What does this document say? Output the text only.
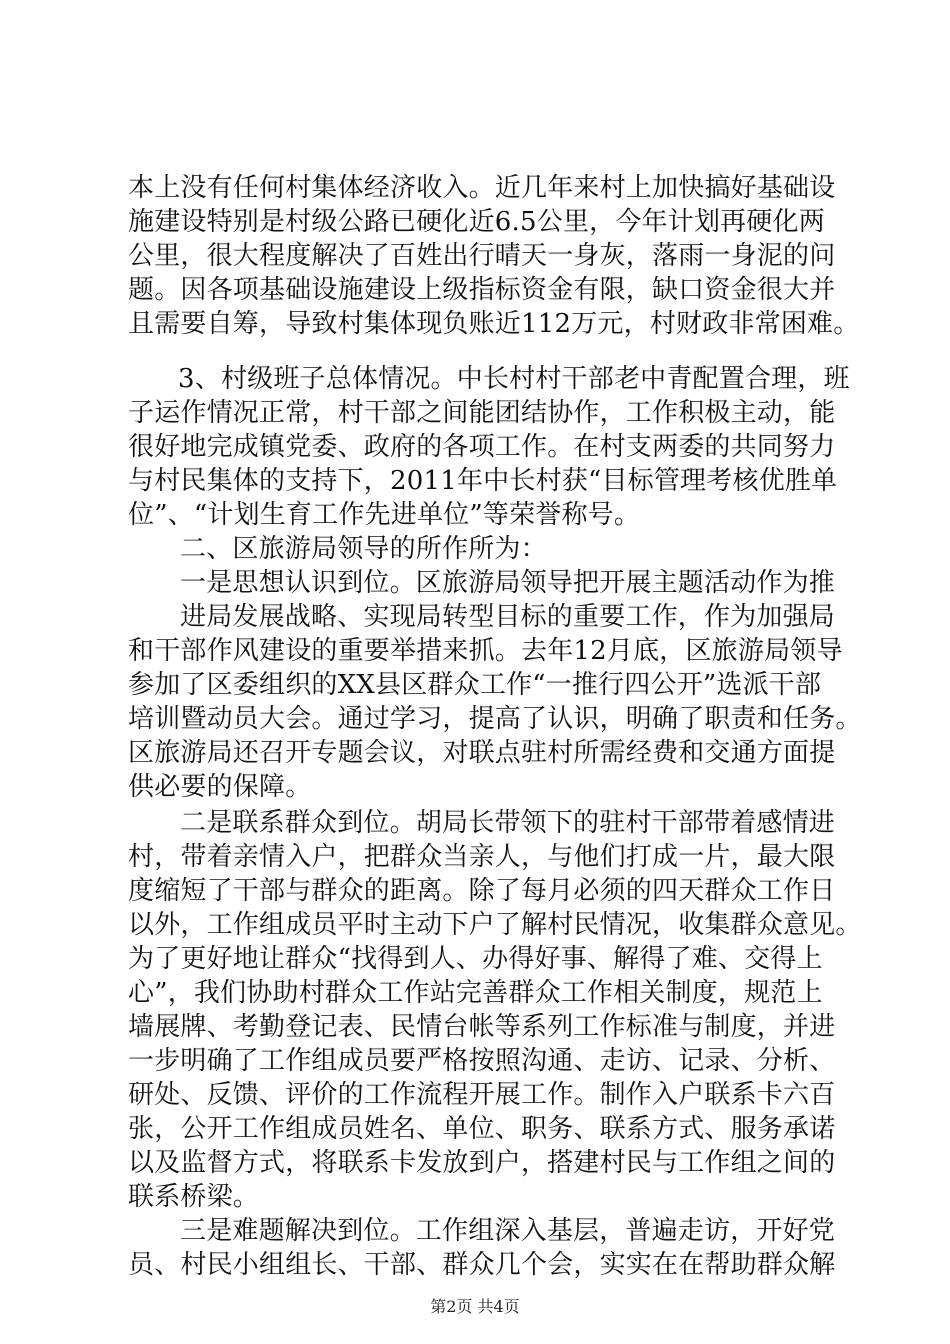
本上没有任何村集体经济收入。近几年来村上加快搞好基础设
施建设特别是村级公路已硬化近6.5公里，今年计划再硬化两
公里，很大程度解决了百姓出行晴天一身灰，落雨一身泥的问
题。因各项基础设施建设上级指标资金有限，缺口资金很大并
且需要自筹，导致村集体现负账近112万元，村财政非常困难。
3、村级班子总体情况。中长村村干部老中青配置合理，班
子运作情况正常，村干部之间能团结协作，工作积极主动，能
很好地完成镇党委、政府的各项工作。在村支两委的共同努力
与村民集体的支持下，2011年中长村获“目标管理考核优胜单
位”、“计划生育工作先进单位”等荣誉称号。
二、区旅游局领导的所作所为：
一是思想认识到位。区旅游局领导把开展主题活动作为推
进局发展战略、实现局转型目标的重要工作，作为加强局
和干部作风建设的重要举措来抓。去年12月底，区旅游局领导
参加了区委组织的XX县区群众工作“一推行四公开”选派干部
培训暨动员大会。通过学习，提高了认识，明确了职责和任务。
区旅游局还召开专题会议，对联点驻村所需经费和交通方面提
供必要的保障。
二是联系群众到位。胡局长带领下的驻村干部带着感情进
村，带着亲情入户，把群众当亲人，与他们打成一片，最大限
度缩短了干部与群众的距离。除了每月必须的四天群众工作日
以外，工作组成员平时主动下户了解村民情况，收集群众意见。
为了更好地让群众“找得到人、办得好事、解得了难、交得上
心”，我们协助村群众工作站完善群众工作相关制度，规范上
墙展牌、考勤登记表、民情台帐等系列工作标准与制度，并进
一步明确了工作组成员要严格按照沟通、走访、记录、分析、
研处、反馈、评价的工作流程开展工作。制作入户联系卡六百
张，公开工作组成员姓名、单位、职务、联系方式、服务承诺
以及监督方式，将联系卡发放到户，搭建村民与工作组之间的
联系桥梁。
三是难题解决到位。工作组深入基层，普遍走访，开好党
员、村民小组组长、干部、群众几个会，实实在在帮助群众解
第2页 共4页
